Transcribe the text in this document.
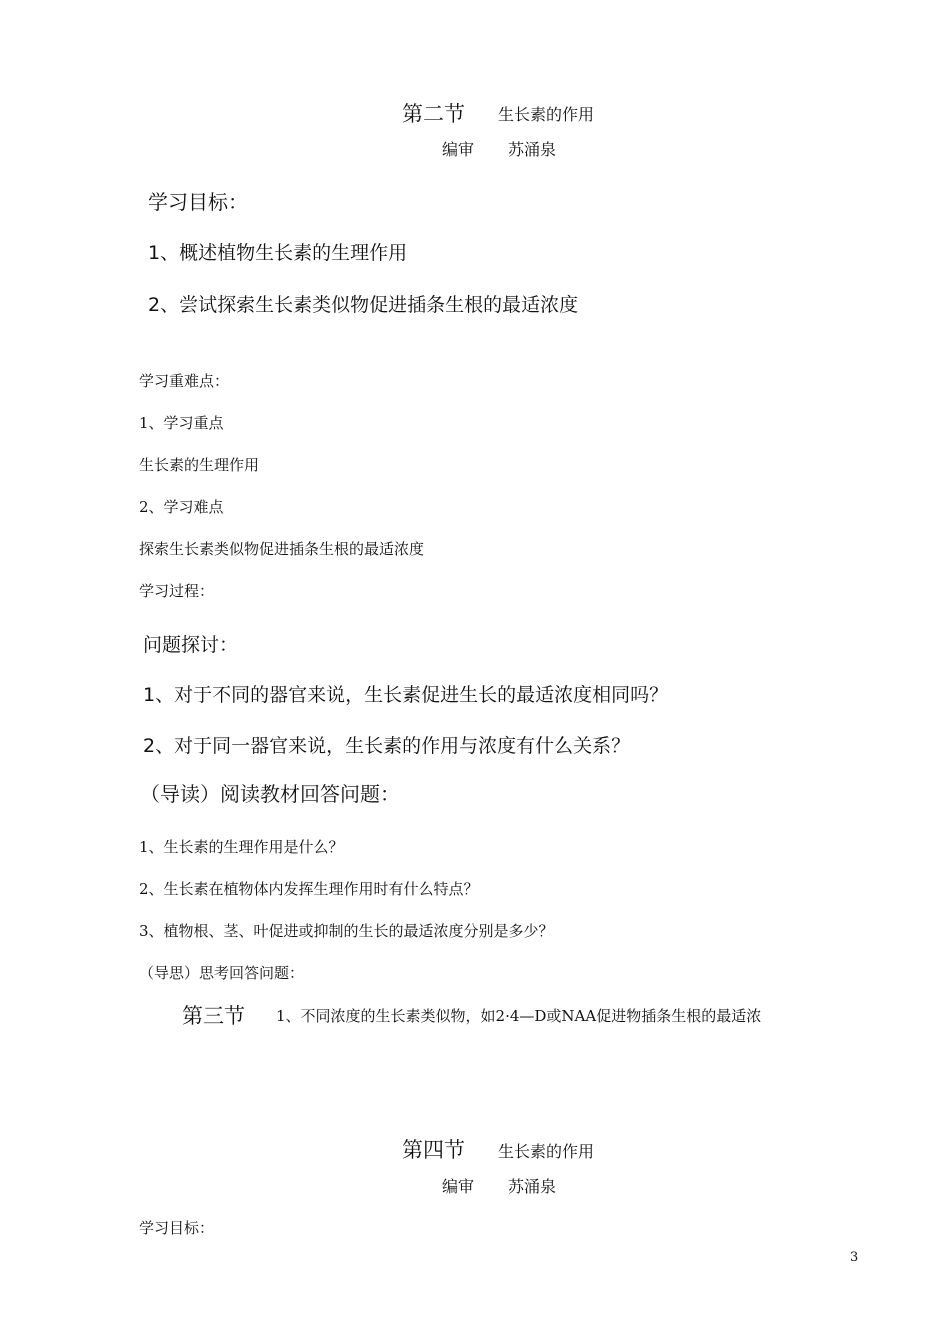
第二节 生长素的作用
编审 苏涌泉
学习目标：
1、概述植物生长素的生理作用
2、尝试探索生长素类似物促进插条生根的最适浓度
学习重难点：
1、学习重点
生长素的生理作用
2、学习难点
探索生长素类似物促进插条生根的最适浓度
学习过程：
问题探讨：
1、对于不同的器官来说，生长素促进生长的最适浓度相同吗？
2、对于同一器官来说，生长素的作用与浓度有什么关系？
（导读）阅读教材回答问题：
1、生长素的生理作用是什么？
2、生长素在植物体内发挥生理作用时有什么特点？
3、植物根、茎、叶促进或抑制的生长的最适浓度分别是多少？
（导思）思考回答问题：
第三节 1、不同浓度的生长素类似物，如2·4—D或NAA促进物插条生根的最适浓
第四节 生长素的作用
编审 苏涌泉
学习目标：
3
